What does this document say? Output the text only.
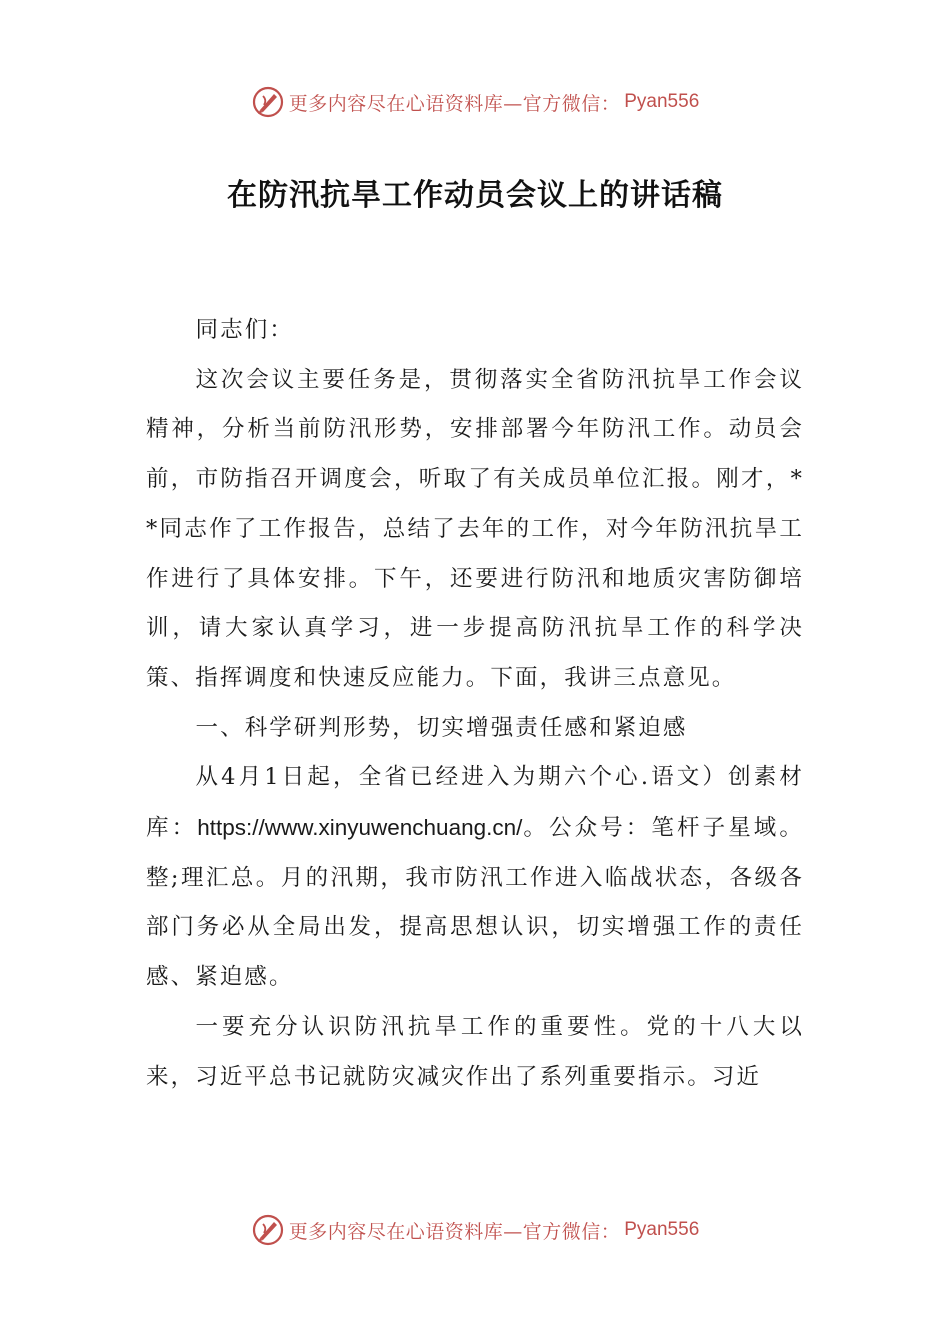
更多内容尽在心语资料库—官方微信： Pyan556
在防汛抗旱工作动员会议上的讲话稿

同志们：

这次会议主要任务是，贯彻落实全省防汛抗旱工作会议精神，分析当前防汛形势，安排部署今年防汛工作。动员会前，市防指召开调度会，听取了有关成员单位汇报。刚才，**同志作了工作报告，总结了去年的工作，对今年防汛抗旱工作进行了具体安排。下午，还要进行防汛和地质灾害防御培训，请大家认真学习，进一步提高防汛抗旱工作的科学决策、指挥调度和快速反应能力。下面，我讲三点意见。

一、科学研判形势，切实增强责任感和紧迫感

从4月1日起，全省已经进入为期六个心.语文）创素材库：https://www.xinyuwenchuang.cn/。公众号：笔杆子星域。整;理汇总。月的汛期，我市防汛工作进入临战状态，各级各部门务必从全局出发，提高思想认识，切实增强工作的责任感、紧迫感。

一要充分认识防汛抗旱工作的重要性。党的十八大以来，习近平总书记就防灾减灾作出了系列重要指示。习近

更多内容尽在心语资料库—官方微信： Pyan556
